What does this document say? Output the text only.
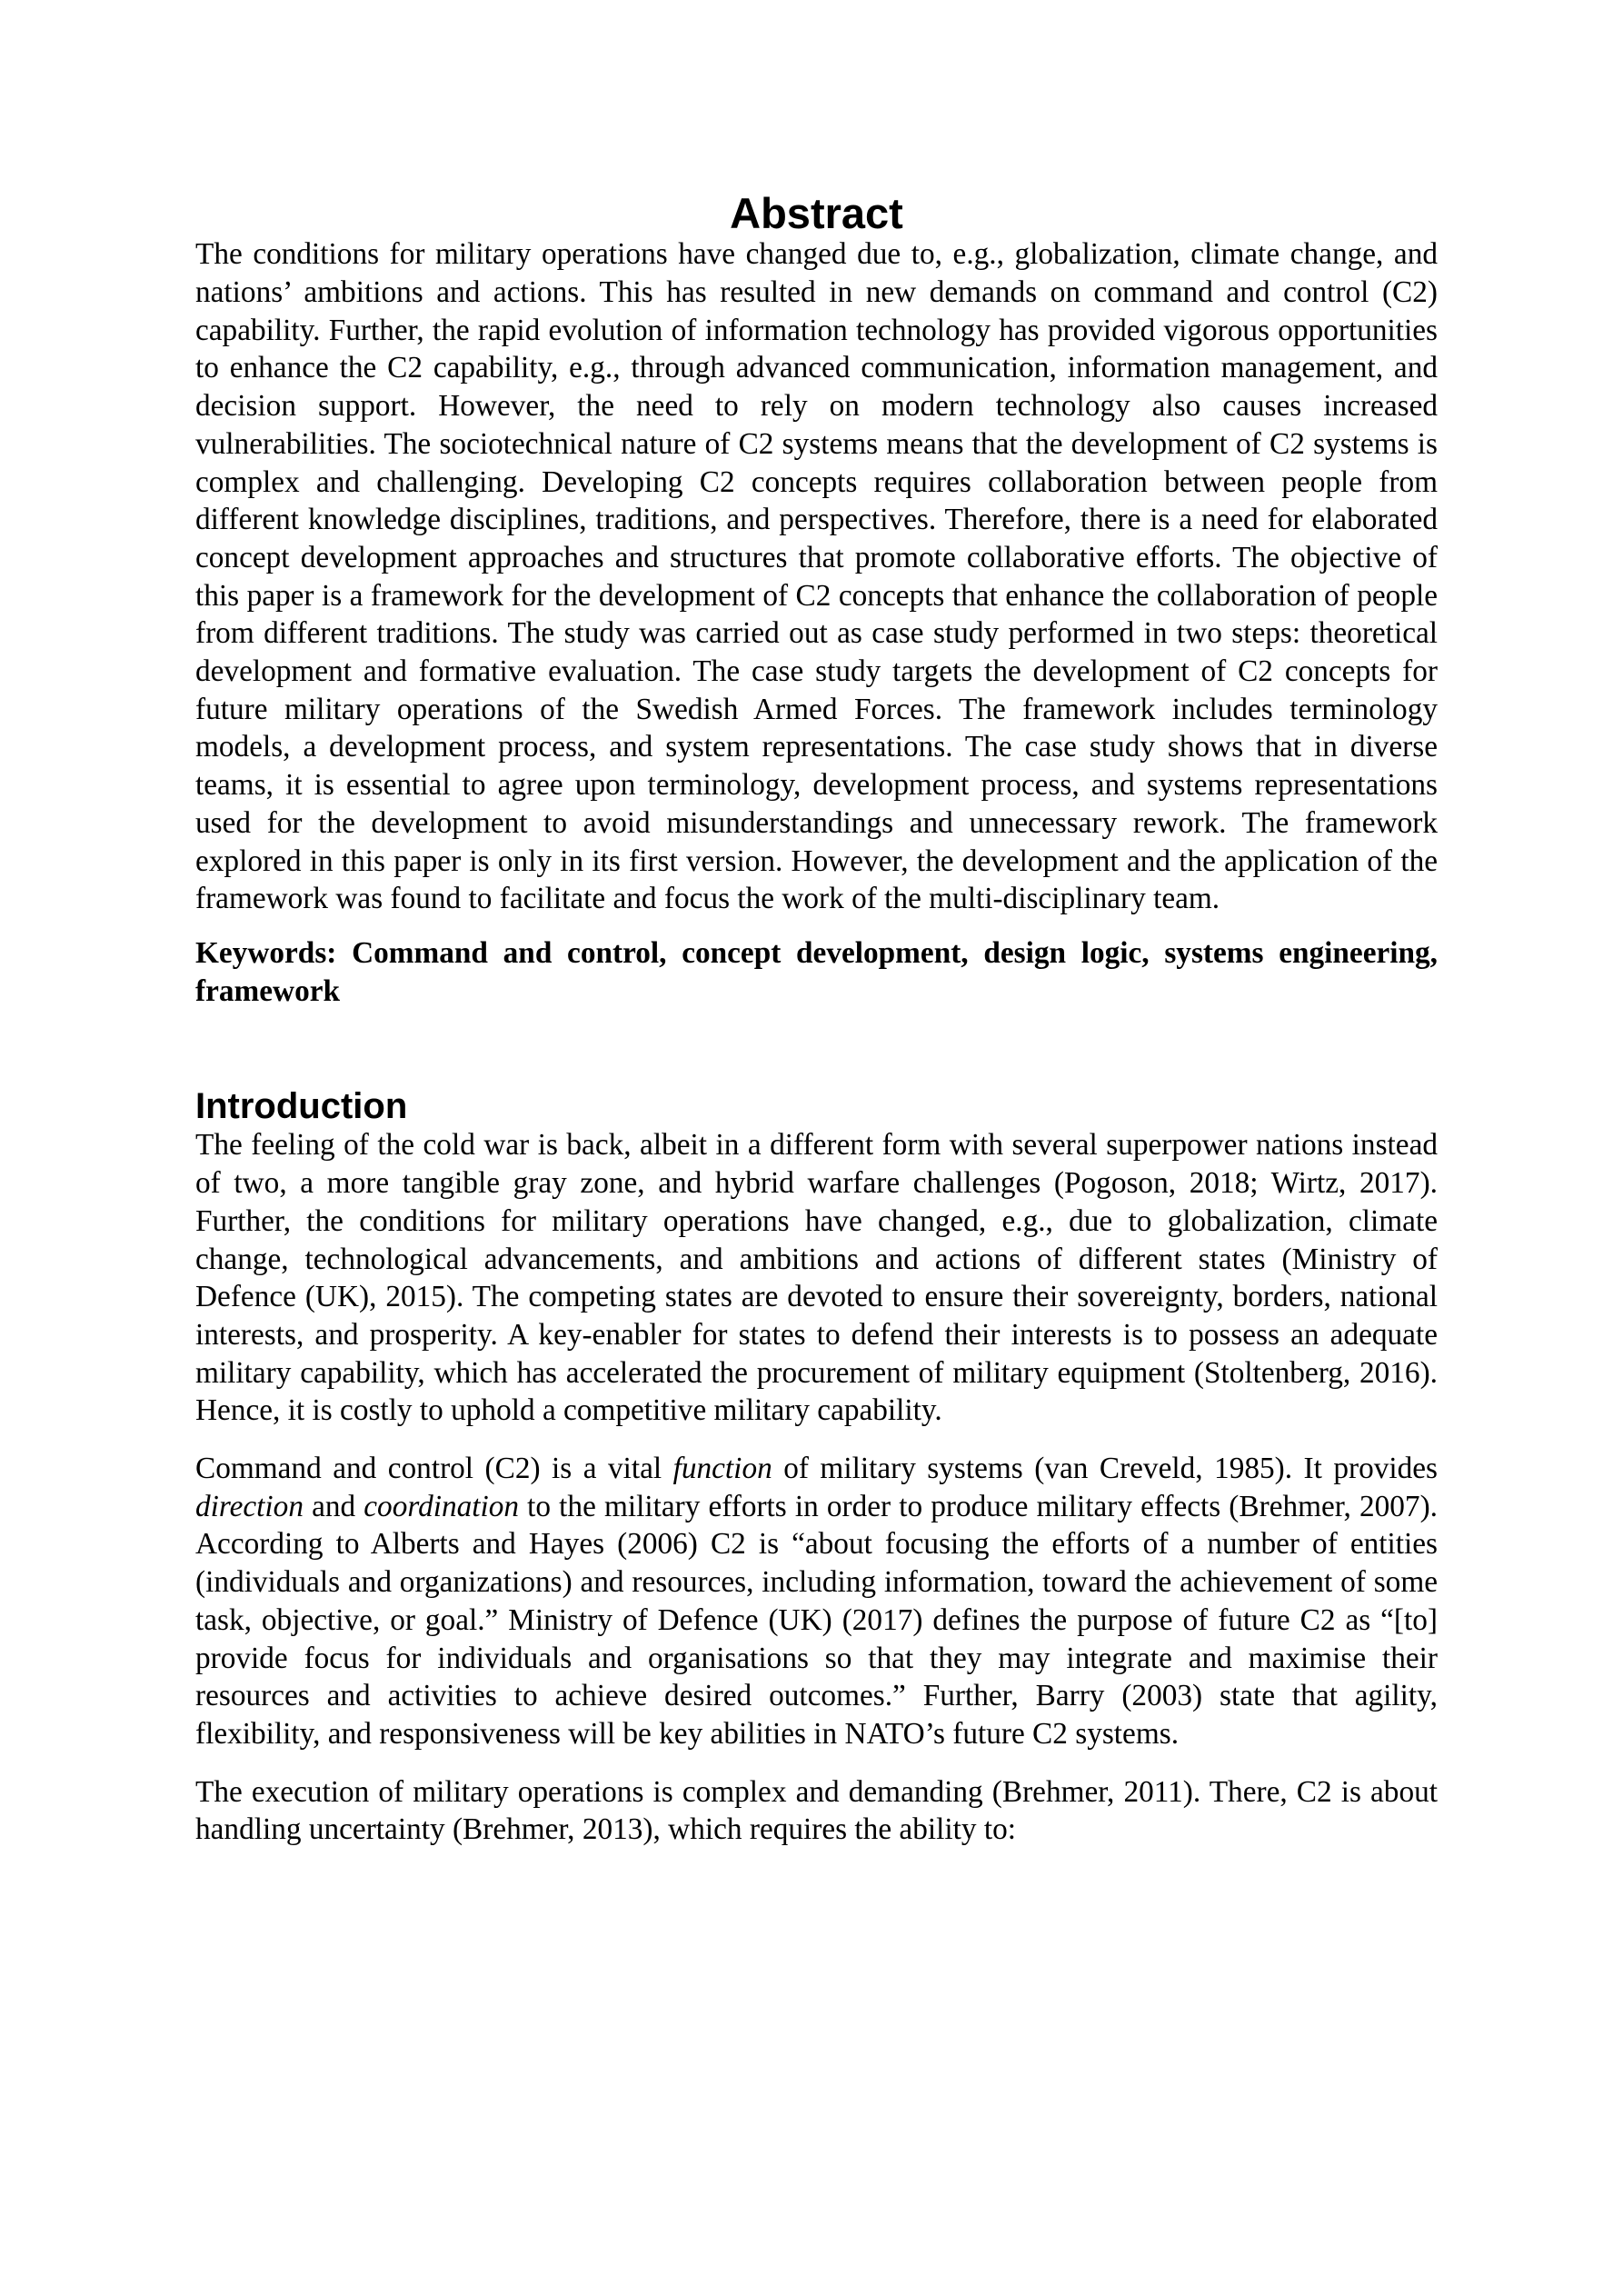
Abstract

The conditions for military operations have changed due to, e.g., globalization, climate change, and nations’ ambitions and actions. This has resulted in new demands on command and control (C2) capability. Further, the rapid evolution of information technology has provided vigorous opportunities to enhance the C2 capability, e.g., through advanced communication, information management, and decision support. However, the need to rely on modern technology also causes increased vulnerabilities. The sociotechnical nature of C2 systems means that the development of C2 systems is complex and challenging. Developing C2 concepts requires collaboration between people from different knowledge disciplines, traditions, and perspectives. Therefore, there is a need for elaborated concept development approaches and structures that promote collaborative efforts. The objective of this paper is a framework for the development of C2 concepts that enhance the collaboration of people from different traditions. The study was carried out as case study performed in two steps: theoretical development and formative evaluation. The case study targets the development of C2 concepts for future military operations of the Swedish Armed Forces. The framework includes terminology models, a development process, and system representations. The case study shows that in diverse teams, it is essential to agree upon terminology, development process, and systems representations used for the development to avoid misunderstandings and unnecessary rework. The framework explored in this paper is only in its first version. However, the development and the application of the framework was found to facilitate and focus the work of the multi-disciplinary team.

Keywords: Command and control, concept development, design logic, systems engineering, framework

Introduction

The feeling of the cold war is back, albeit in a different form with several superpower nations instead of two, a more tangible gray zone, and hybrid warfare challenges (Pogoson, 2018; Wirtz, 2017). Further, the conditions for military operations have changed, e.g., due to globalization, climate change, technological advancements, and ambitions and actions of different states (Ministry of Defence (UK), 2015). The competing states are devoted to ensure their sovereignty, borders, national interests, and prosperity. A key-enabler for states to defend their interests is to possess an adequate military capability, which has accelerated the procurement of military equipment (Stoltenberg, 2016). Hence, it is costly to uphold a competitive military capability.

Command and control (C2) is a vital function of military systems (van Creveld, 1985). It provides direction and coordination to the military efforts in order to produce military effects (Brehmer, 2007). According to Alberts and Hayes (2006) C2 is “about focusing the efforts of a number of entities (individuals and organizations) and resources, including information, toward the achievement of some task, objective, or goal.” Ministry of Defence (UK) (2017) defines the purpose of future C2 as “[to] provide focus for individuals and organisations so that they may integrate and maximise their resources and activities to achieve desired outcomes.” Further, Barry (2003) state that agility, flexibility, and responsiveness will be key abilities in NATO’s future C2 systems.

The execution of military operations is complex and demanding (Brehmer, 2011). There, C2 is about handling uncertainty (Brehmer, 2013), which requires the ability to:
